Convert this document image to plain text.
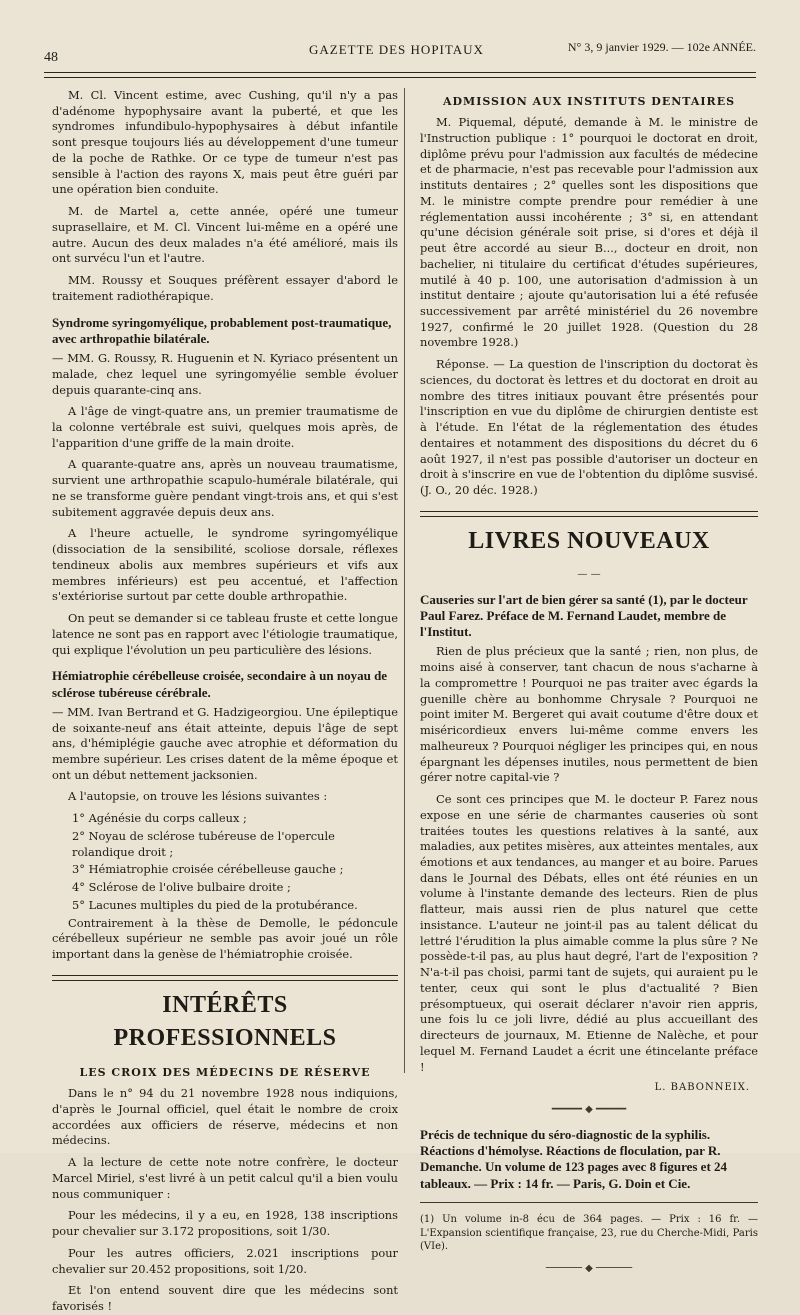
48
GAZETTE DES HOPITAUX	N° 3, 9 janvier 1929. — 102e ANNÉE.

M. Cl. Vincent estime, avec Cushing, qu'il n'y a pas d'adénome hypophysaire avant la puberté, et que les syndromes infundibulo-hypophysaires à début infantile sont presque toujours liés au développement d'une tumeur de la poche de Rathke. Or ce type de tumeur n'est pas sensible à l'action des rayons X, mais peut être guéri par une opération bien conduite.

M. de Martel a, cette année, opéré une tumeur suprasellaire, et M. Cl. Vincent lui-même en a opéré une autre. Aucun des deux malades n'a été amélioré, mais ils ont survécu l'un et l'autre.

MM. Roussy et Souques préfèrent essayer d'abord le traitement radiothérapique.

Syndrome syringomyélique, probablement post-traumatique, avec arthropathie bilatérale.

— MM. G. Roussy, R. Huguenin et N. Kyriaco présentent un malade, chez lequel une syringomyélie semble évoluer depuis quarante-cinq ans.

A l'âge de vingt-quatre ans, un premier traumatisme de la colonne vertébrale est suivi, quelques mois après, de l'apparition d'une griffe de la main droite.

A quarante-quatre ans, après un nouveau traumatisme, survient une arthropathie scapulo-humérale bilatérale, qui ne se transforme guère pendant vingt-trois ans, et qui s'est subitement aggravée depuis deux ans.

A l'heure actuelle, le syndrome syringomyélique (dissociation de la sensibilité, scoliose dorsale, réflexes tendineux abolis aux membres supérieurs et vifs aux membres inférieurs) est peu accentué, et l'affection s'extériorise surtout par cette double arthropathie.

On peut se demander si ce tableau fruste et cette longue latence ne sont pas en rapport avec l'étiologie traumatique, qui explique l'évolution un peu particulière des lésions.

Hémiatrophie cérébelleuse croisée, secondaire à un noyau de sclérose tubéreuse cérébrale.

— MM. Ivan Bertrand et G. Hadzigeorgiou. Une épileptique de soixante-neuf ans était atteinte, depuis l'âge de sept ans, d'hémiplégie gauche avec atrophie et déformation du membre supérieur. Les crises datent de la même époque et ont un début nettement jacksonien.

A l'autopsie, on trouve les lésions suivantes :

1° Agénésie du corps calleux ;
2° Noyau de sclérose tubéreuse de l'opercule rolandique droit ;
3° Hémiatrophie croisée cérébelleuse gauche ;
4° Sclérose de l'olive bulbaire droite ;
5° Lacunes multiples du pied de la protubérance.

Contrairement à la thèse de Demolle, le pédoncule cérébelleux supérieur ne semble pas avoir joué un rôle important dans la genèse de l'hémiatrophie croisée.

INTÉRÊTS PROFESSIONNELS
LES CROIX DES MÉDECINS DE RÉSERVE

Dans le n° 94 du 21 novembre 1928 nous indiquions, d'après le Journal officiel, quel était le nombre de croix accordées aux officiers de réserve, médecins et non médecins.

A la lecture de cette note notre confrère, le docteur Marcel Miriel, s'est livré à un petit calcul qu'il a bien voulu nous communiquer :

Pour les médecins, il y a eu, en 1928, 138 inscriptions pour chevalier sur 3.172 propositions, soit 1/30.

Pour les autres officiers, 2.021 inscriptions pour chevalier sur 20.452 propositions, soit 1/20.

Et l'on entend souvent dire que les médecins sont favorisés !

ADMISSION AUX INSTITUTS DENTAIRES

M. Piquemal, député, demande à M. le ministre de l'Instruction publique : 1° pourquoi le doctorat en droit, diplôme prévu pour l'admission aux facultés de médecine et de pharmacie, n'est pas recevable pour l'admission aux instituts dentaires ; 2° quelles sont les dispositions que M. le ministre compte prendre pour remédier à une réglementation aussi incohérente ; 3° si, en attendant qu'une décision générale soit prise, si d'ores et déjà il peut être accordé au sieur B..., docteur en droit, non bachelier, ni titulaire du certificat d'études supérieures, mutilé à 40 p. 100, une autorisation d'admission à un institut dentaire ; ajoute qu'autorisation lui a été refusée successivement par arrêté ministériel du 26 novembre 1927, confirmé le 20 juillet 1928. (Question du 28 novembre 1928.)

Réponse. — La question de l'inscription du doctorat ès sciences, du doctorat ès lettres et du doctorat en droit au nombre des titres initiaux pouvant être présentés pour l'inscription en vue du diplôme de chirurgien dentiste est à l'étude. En l'état de la réglementation des études dentaires et notamment des dispositions du décret du 6 août 1927, il n'est pas possible d'autoriser un docteur en droit à s'inscrire en vue de l'obtention du diplôme susvisé. (J. O., 20 déc. 1928.)

LIVRES NOUVEAUX
— —
Causeries sur l'art de bien gérer sa santé (1), par le docteur Paul Farez. Préface de M. Fernand Laudet, membre de l'Institut.

Rien de plus précieux que la santé ; rien, non plus, de moins aisé à conserver, tant chacun de nous s'acharne à la compromettre ! Pourquoi ne pas traiter avec égards la guenille chère au bonhomme Chrysale ? Pourquoi ne point imiter M. Bergeret qui avait coutume d'être doux et miséricordieux envers lui-même comme envers les malheureux ? Pourquoi négliger les principes qui, en nous épargnant les dépenses inutiles, nous permettent de bien gérer notre capital-vie ?

Ce sont ces principes que M. le docteur P. Farez nous expose en une série de charmantes causeries où sont traitées toutes les questions relatives à la santé, aux maladies, aux petites misères, aux atteintes mentales, aux émotions et aux tendances, au manger et au boire. Parues dans le Journal des Débats, elles ont été réunies en un volume à l'instante demande des lecteurs. Rien de plus flatteur, mais aussi rien de plus naturel que cette insistance. L'auteur ne joint-il pas au talent délicat du lettré l'érudition la plus aimable comme la plus sûre ? Ne possède-t-il pas, au plus haut degré, l'art de l'exposition ? N'a-t-il pas choisi, parmi tant de sujets, qui auraient pu le tenter, ceux qui sont le plus d'actualité ? Bien présomptueux, qui oserait déclarer n'avoir rien appris, une fois lu ce joli livre, dédié au plus accueillant des directeurs de journaux, M. Etienne de Nalèche, et pour lequel M. Fernand Laudet a écrit une étincelante préface !

L. BABONNEIX.
━━━━━ ◆ ━━━━━
Précis de technique du séro-diagnostic de la syphilis. Réactions d'hémolyse. Réactions de floculation, par R. Demanche. Un volume de 123 pages avec 8 figures et 24 tableaux. — Prix : 14 fr. — Paris, G. Doin et Cie.

(1) Un volume in-8 écu de 364 pages. — Prix : 16 fr. — L'Expansion scientifique française, 23, rue du Cherche-Midi, Paris (VIe).

────── ◆ ──────
